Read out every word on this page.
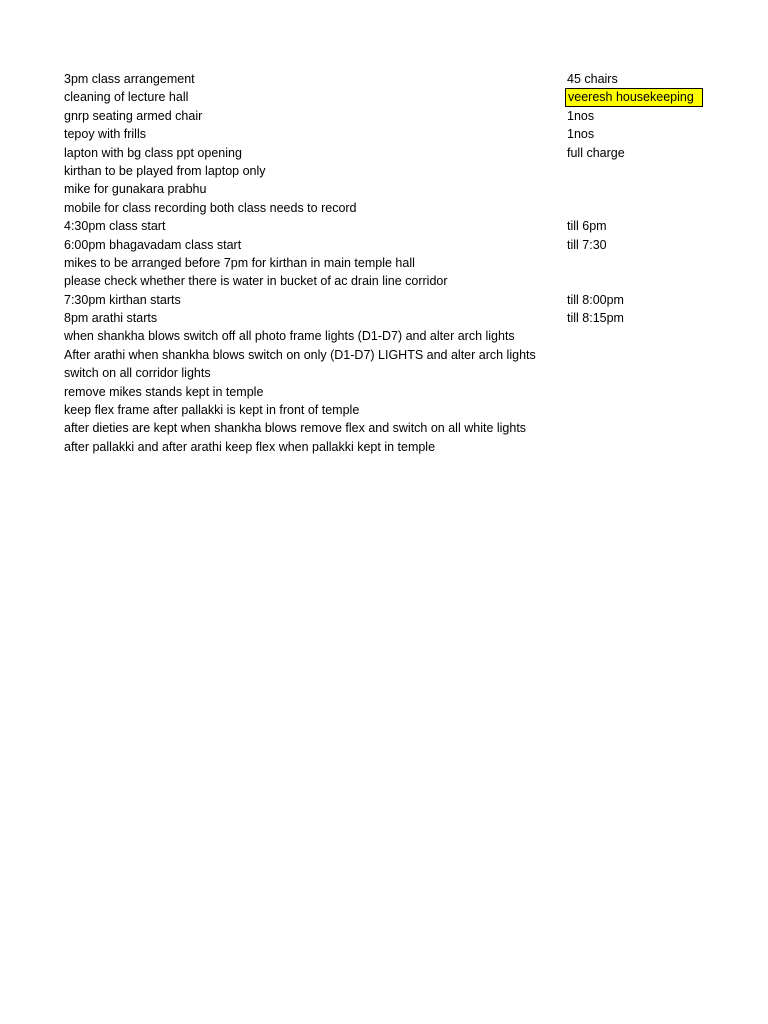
3pm class arrangement	45 chairs
cleaning of lecture hall	veeresh housekeeping
gnrp seating armed chair	1nos
tepoy with frills	1nos
lapton with bg class ppt opening	full charge
kirthan to be played from laptop only
mike for gunakara prabhu
mobile for class recording both class needs to record
4:30pm class start	till 6pm
6:00pm bhagavadam class start	till 7:30
mikes to be arranged before 7pm for kirthan in main temple hall
please check whether there is water in bucket of ac drain line corridor
7:30pm kirthan starts	till 8:00pm
8pm arathi starts	till 8:15pm
when shankha blows switch off all photo frame lights (D1-D7) and alter arch lights
After arathi when shankha blows switch on only (D1-D7) LIGHTS and alter arch lights
switch on all corridor lights
remove mikes stands kept in temple
keep flex frame after pallakki is kept in front of temple
after dieties are kept when shankha blows remove flex and switch on all white lights
after pallakki and after arathi keep flex when pallakki kept in temple
